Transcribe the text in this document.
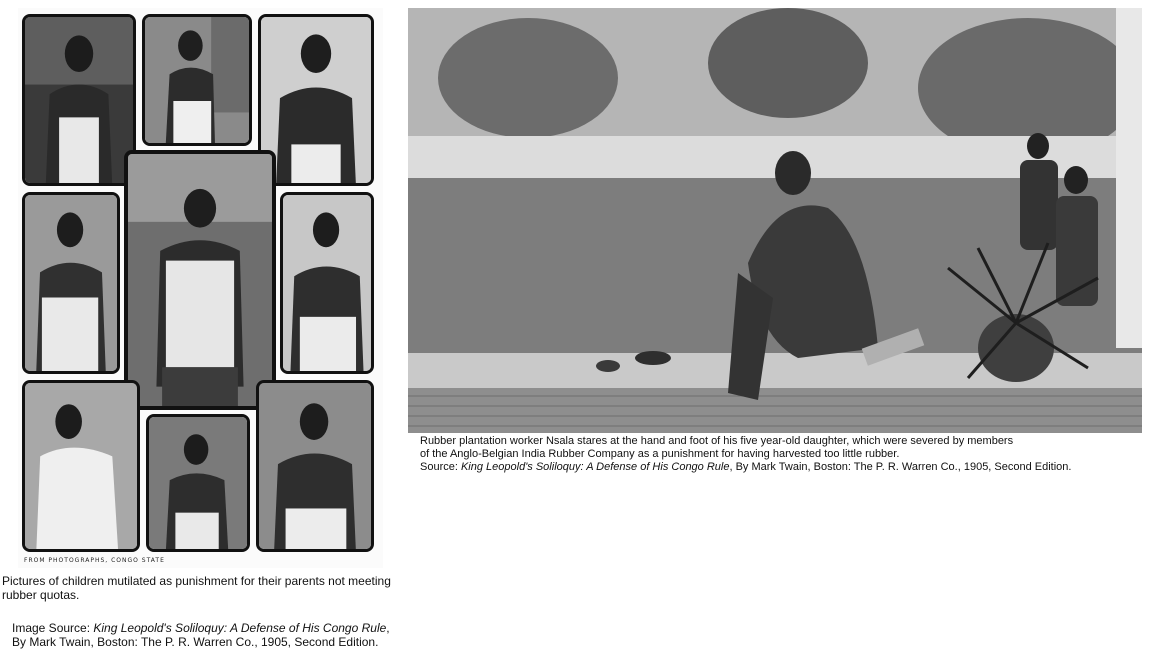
FROM PHOTOGRAPHS, CONGO STATE
Pictures of children mutilated as punishment for their parents not meeting rubber quotas.
Image Source: King Leopold's Soliloquy: A Defense of His Congo Rule, By Mark Twain, Boston: The P. R. Warren Co., 1905, Second Edition.
Rubber plantation worker Nsala stares at the hand and foot of his five year-old daughter, which were severed by members
of the Anglo-Belgian India Rubber Company as a punishment for having harvested too little rubber.
Source: King Leopold's Soliloquy: A Defense of His Congo Rule, By Mark Twain, Boston: The P. R. Warren Co., 1905, Second Edition.
